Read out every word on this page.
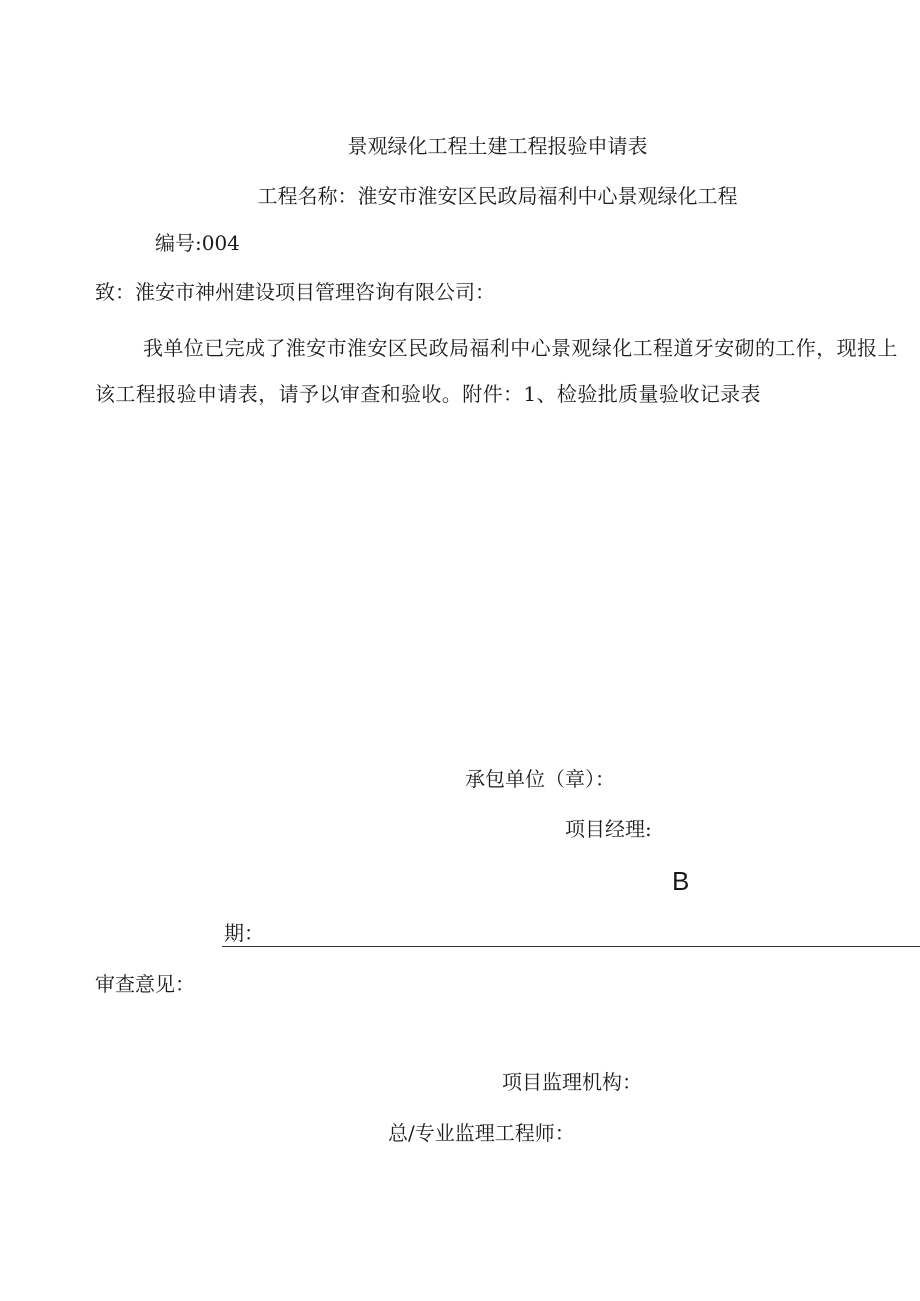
景观绿化工程土建工程报验申请表
工程名称：淮安市淮安区民政局福利中心景观绿化工程
编号:004
致：淮安市神州建设项目管理咨询有限公司：
我单位已完成了淮安市淮安区民政局福利中心景观绿化工程道牙安砌的工作，现报上该工程报验申请表，请予以审查和验收。附件：1、检验批质量验收记录表
承包单位（章）：
项目经理:
B
期：
审查意见：
项目监理机构：
总/专业监理工程师：
